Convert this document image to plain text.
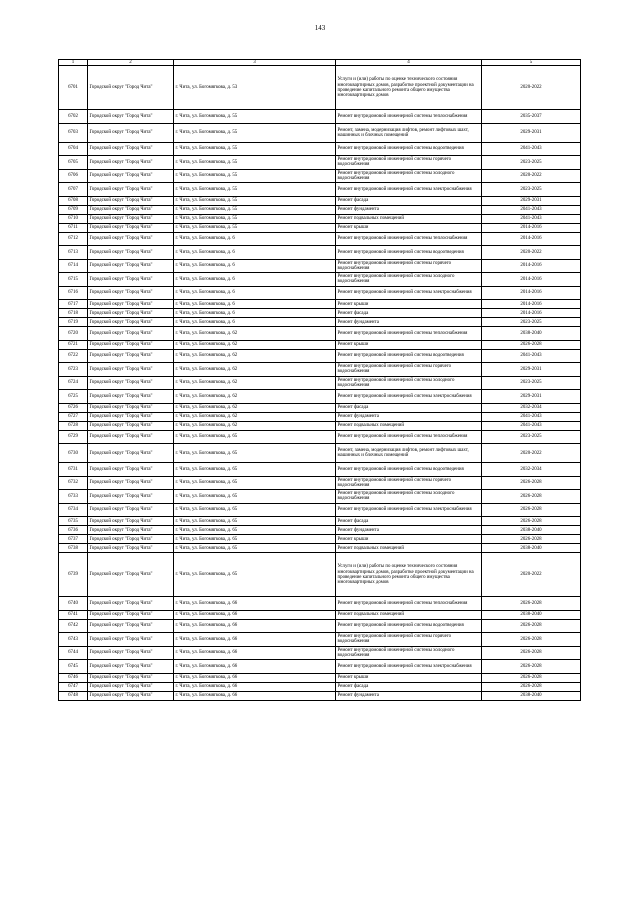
143
1	2	3	4	5
6701	Городской округ "Город Чита"	г. Чита, ул. Богомягкова, д. 53	Услуги и (или) работы по оценке технического состояния многоквартирных домов, разработке проектной документации на проведение капитального ремонта общего имущества многоквартирных домов	2020-2022
6702	Городской округ "Город Чита"	г. Чита, ул. Богомягкова, д. 55	Ремонт внутридомовой инженерной системы теплоснабжения	2035-2037
6703	Городской округ "Город Чита"	г. Чита, ул. Богомягкова, д. 55	Ремонт, замена, модернизация лифтов, ремонт лифтовых шахт, машинных и блочных помещений	2029-2031
6704	Городской округ "Город Чита"	г. Чита, ул. Богомягкова, д. 55	Ремонт внутридомовой инженерной системы водоотведения	2041-2043
6705	Городской округ "Город Чита"	г. Чита, ул. Богомягкова, д. 55	Ремонт внутридомовой инженерной системы горячего водоснабжения	2023-2025
6706	Городской округ "Город Чита"	г. Чита, ул. Богомягкова, д. 55	Ремонт внутридомовой инженерной системы холодного водоснабжения	2020-2022
6707	Городской округ "Город Чита"	г. Чита, ул. Богомягкова, д. 55	Ремонт внутридомовой инженерной системы электроснабжения	2023-2025
6708	Городской округ "Город Чита"	г. Чита, ул. Богомягкова, д. 55	Ремонт фасада	2029-2031
6709	Городской округ "Город Чита"	г. Чита, ул. Богомягкова, д. 55	Ремонт фундамента	2041-2043
6710	Городской округ "Город Чита"	г. Чита, ул. Богомягкова, д. 55	Ремонт подвальных помещений	2041-2043
6711	Городской округ "Город Чита"	г. Чита, ул. Богомягкова, д. 55	Ремонт крыши	2014-2016
6712	Городской округ "Город Чита"	г. Чита, ул. Богомягкова, д. 6	Ремонт внутридомовой инженерной системы теплоснабжения	2014-2016
6713	Городской округ "Город Чита"	г. Чита, ул. Богомягкова, д. 6	Ремонт внутридомовой инженерной системы водоотведения	2020-2022
6714	Городской округ "Город Чита"	г. Чита, ул. Богомягкова, д. 6	Ремонт внутридомовой инженерной системы горячего водоснабжения	2014-2016
6715	Городской округ "Город Чита"	г. Чита, ул. Богомягкова, д. 6	Ремонт внутридомовой инженерной системы холодного водоснабжения	2014-2016
6716	Городской округ "Город Чита"	г. Чита, ул. Богомягкова, д. 6	Ремонт внутридомовой инженерной системы электроснабжения	2014-2016
6717	Городской округ "Город Чита"	г. Чита, ул. Богомягкова, д. 6	Ремонт крыши	2014-2016
6718	Городской округ "Город Чита"	г. Чита, ул. Богомягкова, д. 6	Ремонт фасада	2014-2016
6719	Городской округ "Город Чита"	г. Чита, ул. Богомягкова, д. 6	Ремонт фундамента	2023-2025
6720	Городской округ "Город Чита"	г. Чита, ул. Богомягкова, д. 62	Ремонт внутридомовой инженерной системы теплоснабжения	2038-2040
6721	Городской округ "Город Чита"	г. Чита, ул. Богомягкова, д. 62	Ремонт крыши	2026-2028
6722	Городской округ "Город Чита"	г. Чита, ул. Богомягкова, д. 62	Ремонт внутридомовой инженерной системы водоотведения	2041-2043
6723	Городской округ "Город Чита"	г. Чита, ул. Богомягкова, д. 62	Ремонт внутридомовой инженерной системы горячего водоснабжения	2029-2031
6724	Городской округ "Город Чита"	г. Чита, ул. Богомягкова, д. 62	Ремонт внутридомовой инженерной системы холодного водоснабжения	2023-2025
6725	Городской округ "Город Чита"	г. Чита, ул. Богомягкова, д. 62	Ремонт внутридомовой инженерной системы электроснабжения	2029-2031
6726	Городской округ "Город Чита"	г. Чита, ул. Богомягкова, д. 62	Ремонт фасада	2032-2034
6727	Городской округ "Город Чита"	г. Чита, ул. Богомягкова, д. 62	Ремонт фундамента	2041-2043
6728	Городской округ "Город Чита"	г. Чита, ул. Богомягкова, д. 62	Ремонт подвальных помещений	2041-2043
6729	Городской округ "Город Чита"	г. Чита, ул. Богомягкова, д. 65	Ремонт внутридомовой инженерной системы теплоснабжения	2023-2025
6730	Городской округ "Город Чита"	г. Чита, ул. Богомягкова, д. 65	Ремонт, замена, модернизация лифтов, ремонт лифтовых шахт, машинных и блочных помещений	2020-2022
6731	Городской округ "Город Чита"	г. Чита, ул. Богомягкова, д. 65	Ремонт внутридомовой инженерной системы водоотведения	2032-2034
6732	Городской округ "Город Чита"	г. Чита, ул. Богомягкова, д. 65	Ремонт внутридомовой инженерной системы горячего водоснабжения	2026-2028
6733	Городской округ "Город Чита"	г. Чита, ул. Богомягкова, д. 65	Ремонт внутридомовой инженерной системы холодного водоснабжения	2026-2028
6734	Городской округ "Город Чита"	г. Чита, ул. Богомягкова, д. 65	Ремонт внутридомовой инженерной системы электроснабжения	2026-2028
6735	Городской округ "Город Чита"	г. Чита, ул. Богомягкова, д. 65	Ремонт фасада	2026-2028
6736	Городской округ "Город Чита"	г. Чита, ул. Богомягкова, д. 65	Ремонт фундамента	2038-2040
6737	Городской округ "Город Чита"	г. Чита, ул. Богомягкова, д. 65	Ремонт крыши	2026-2028
6738	Городской округ "Город Чита"	г. Чита, ул. Богомягкова, д. 65	Ремонт подвальных помещений	2038-2040
6739	Городской округ "Город Чита"	г. Чита, ул. Богомягкова, д. 65	Услуги и (или) работы по оценке технического состояния многоквартирных домов, разработке проектной документации на проведение капитального ремонта общего имущества многоквартирных домов	2020-2022
6740	Городской округ "Город Чита"	г. Чита, ул. Богомягкова, д. 66	Ремонт внутридомовой инженерной системы теплоснабжения	2026-2028
6741	Городской округ "Город Чита"	г. Чита, ул. Богомягкова, д. 66	Ремонт подвальных помещений	2038-2040
6742	Городской округ "Город Чита"	г. Чита, ул. Богомягкова, д. 66	Ремонт внутридомовой инженерной системы водоотведения	2026-2028
6743	Городской округ "Город Чита"	г. Чита, ул. Богомягкова, д. 66	Ремонт внутридомовой инженерной системы горячего водоснабжения	2026-2028
6744	Городской округ "Город Чита"	г. Чита, ул. Богомягкова, д. 66	Ремонт внутридомовой инженерной системы холодного водоснабжения	2026-2028
6745	Городской округ "Город Чита"	г. Чита, ул. Богомягкова, д. 66	Ремонт внутридомовой инженерной системы электроснабжения	2026-2028
6746	Городской округ "Город Чита"	г. Чита, ул. Богомягкова, д. 66	Ремонт крыши	2026-2028
6747	Городской округ "Город Чита"	г. Чита, ул. Богомягкова, д. 66	Ремонт фасада	2026-2028
6748	Городской округ "Город Чита"	г. Чита, ул. Богомягкова, д. 66	Ремонт фундамента	2038-2040
